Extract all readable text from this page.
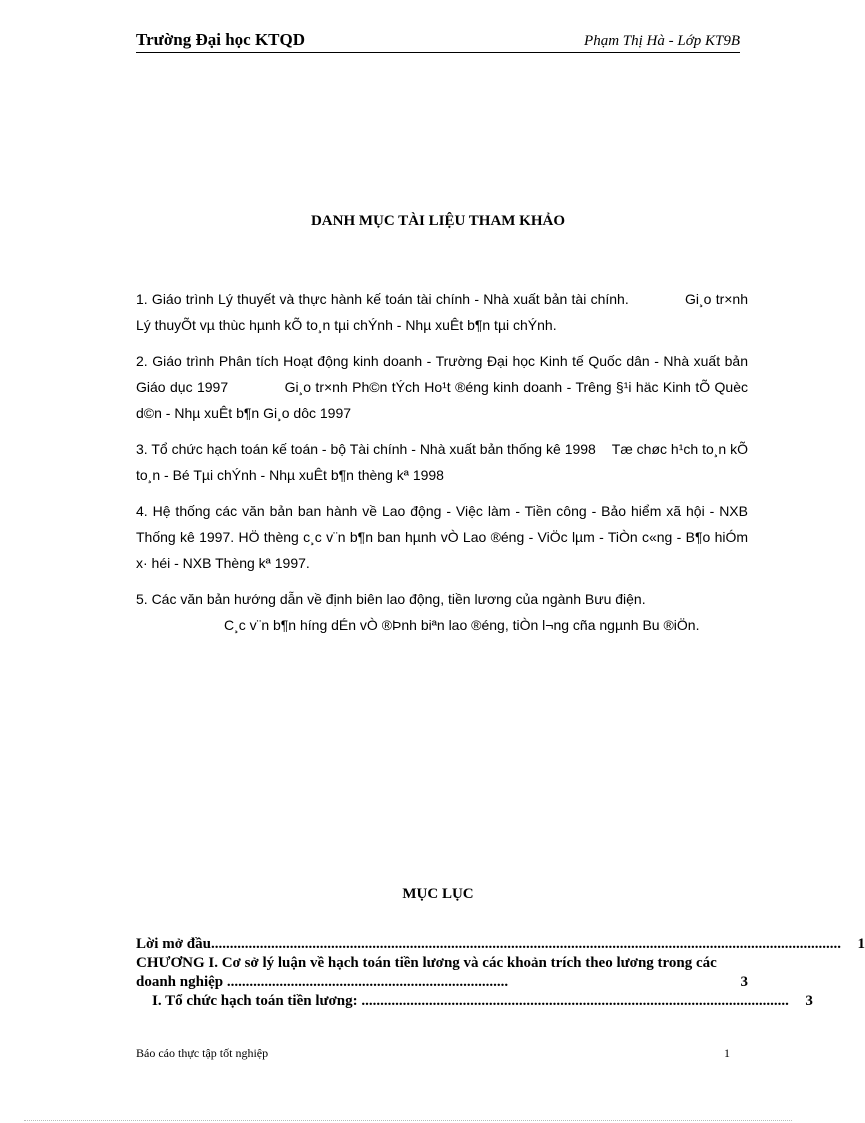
Trường Đại học KTQD	Phạm Thị Hà - Lớp KT9B
DANH MỤC TÀI LIỆU THAM KHẢO

1. Giáo trình Lý thuyết và thực hành kế toán tài chính - Nhà xuất bản tài chính.	Gi¸o tr×nh Lý thuyÕt vµ thùc hµnh kÕ to¸n tµi chÝnh - Nhµ xuÊt b¶n tµi chÝnh.

2. Giáo trình Phân tích Hoạt động kinh doanh - Trường Đại học Kinh tế Quốc dân - Nhà xuất bản Giáo dục 1997	Gi¸o tr×nh Ph©n tÝch Ho¹t ®éng kinh doanh - Trêng §¹i häc Kinh tÕ Quèc d©n - Nhµ xuÊt b¶n Gi¸o dôc 1997

3. Tổ chức hạch toán kế toán - bộ Tài chính - Nhà xuất bản thống kê 1998 Tæ chøc h¹ch to¸n kÕ to¸n - Bé Tµi chÝnh - Nhµ xuÊt b¶n thèng kª 1998

4. Hệ thống các văn bản ban hành về Lao động - Việc làm - Tiền công - Bảo hiểm xã hội - NXB Thống kê 1997. HÖ thèng c¸c v¨n b¶n ban hµnh vÒ Lao ®éng - ViÖc lµm - TiÒn c«ng - B¶o hiÓm x· héi - NXB Thèng kª 1997.

5. Các văn bản hướng dẫn về định biên lao động, tiền lương của ngành Bưu điện.
C¸c v¨n b¶n híng dÉn vÒ ®Þnh biªn lao ®éng, tiÒn l¬ng cña ngµnh Bu ®iÖn.

MỤC LỤC
Lời mở đầu........................................................................................................................................................................	1
CHƯƠNG I. Cơ sở lý luận về hạch toán tiền lương và các khoản trích theo lương trong các doanh nghiệp ...........................................................................	3
I. Tổ chức hạch toán tiền lương: ..................................................................................................................	3
Báo cáo thực tập tốt nghiệp	1
